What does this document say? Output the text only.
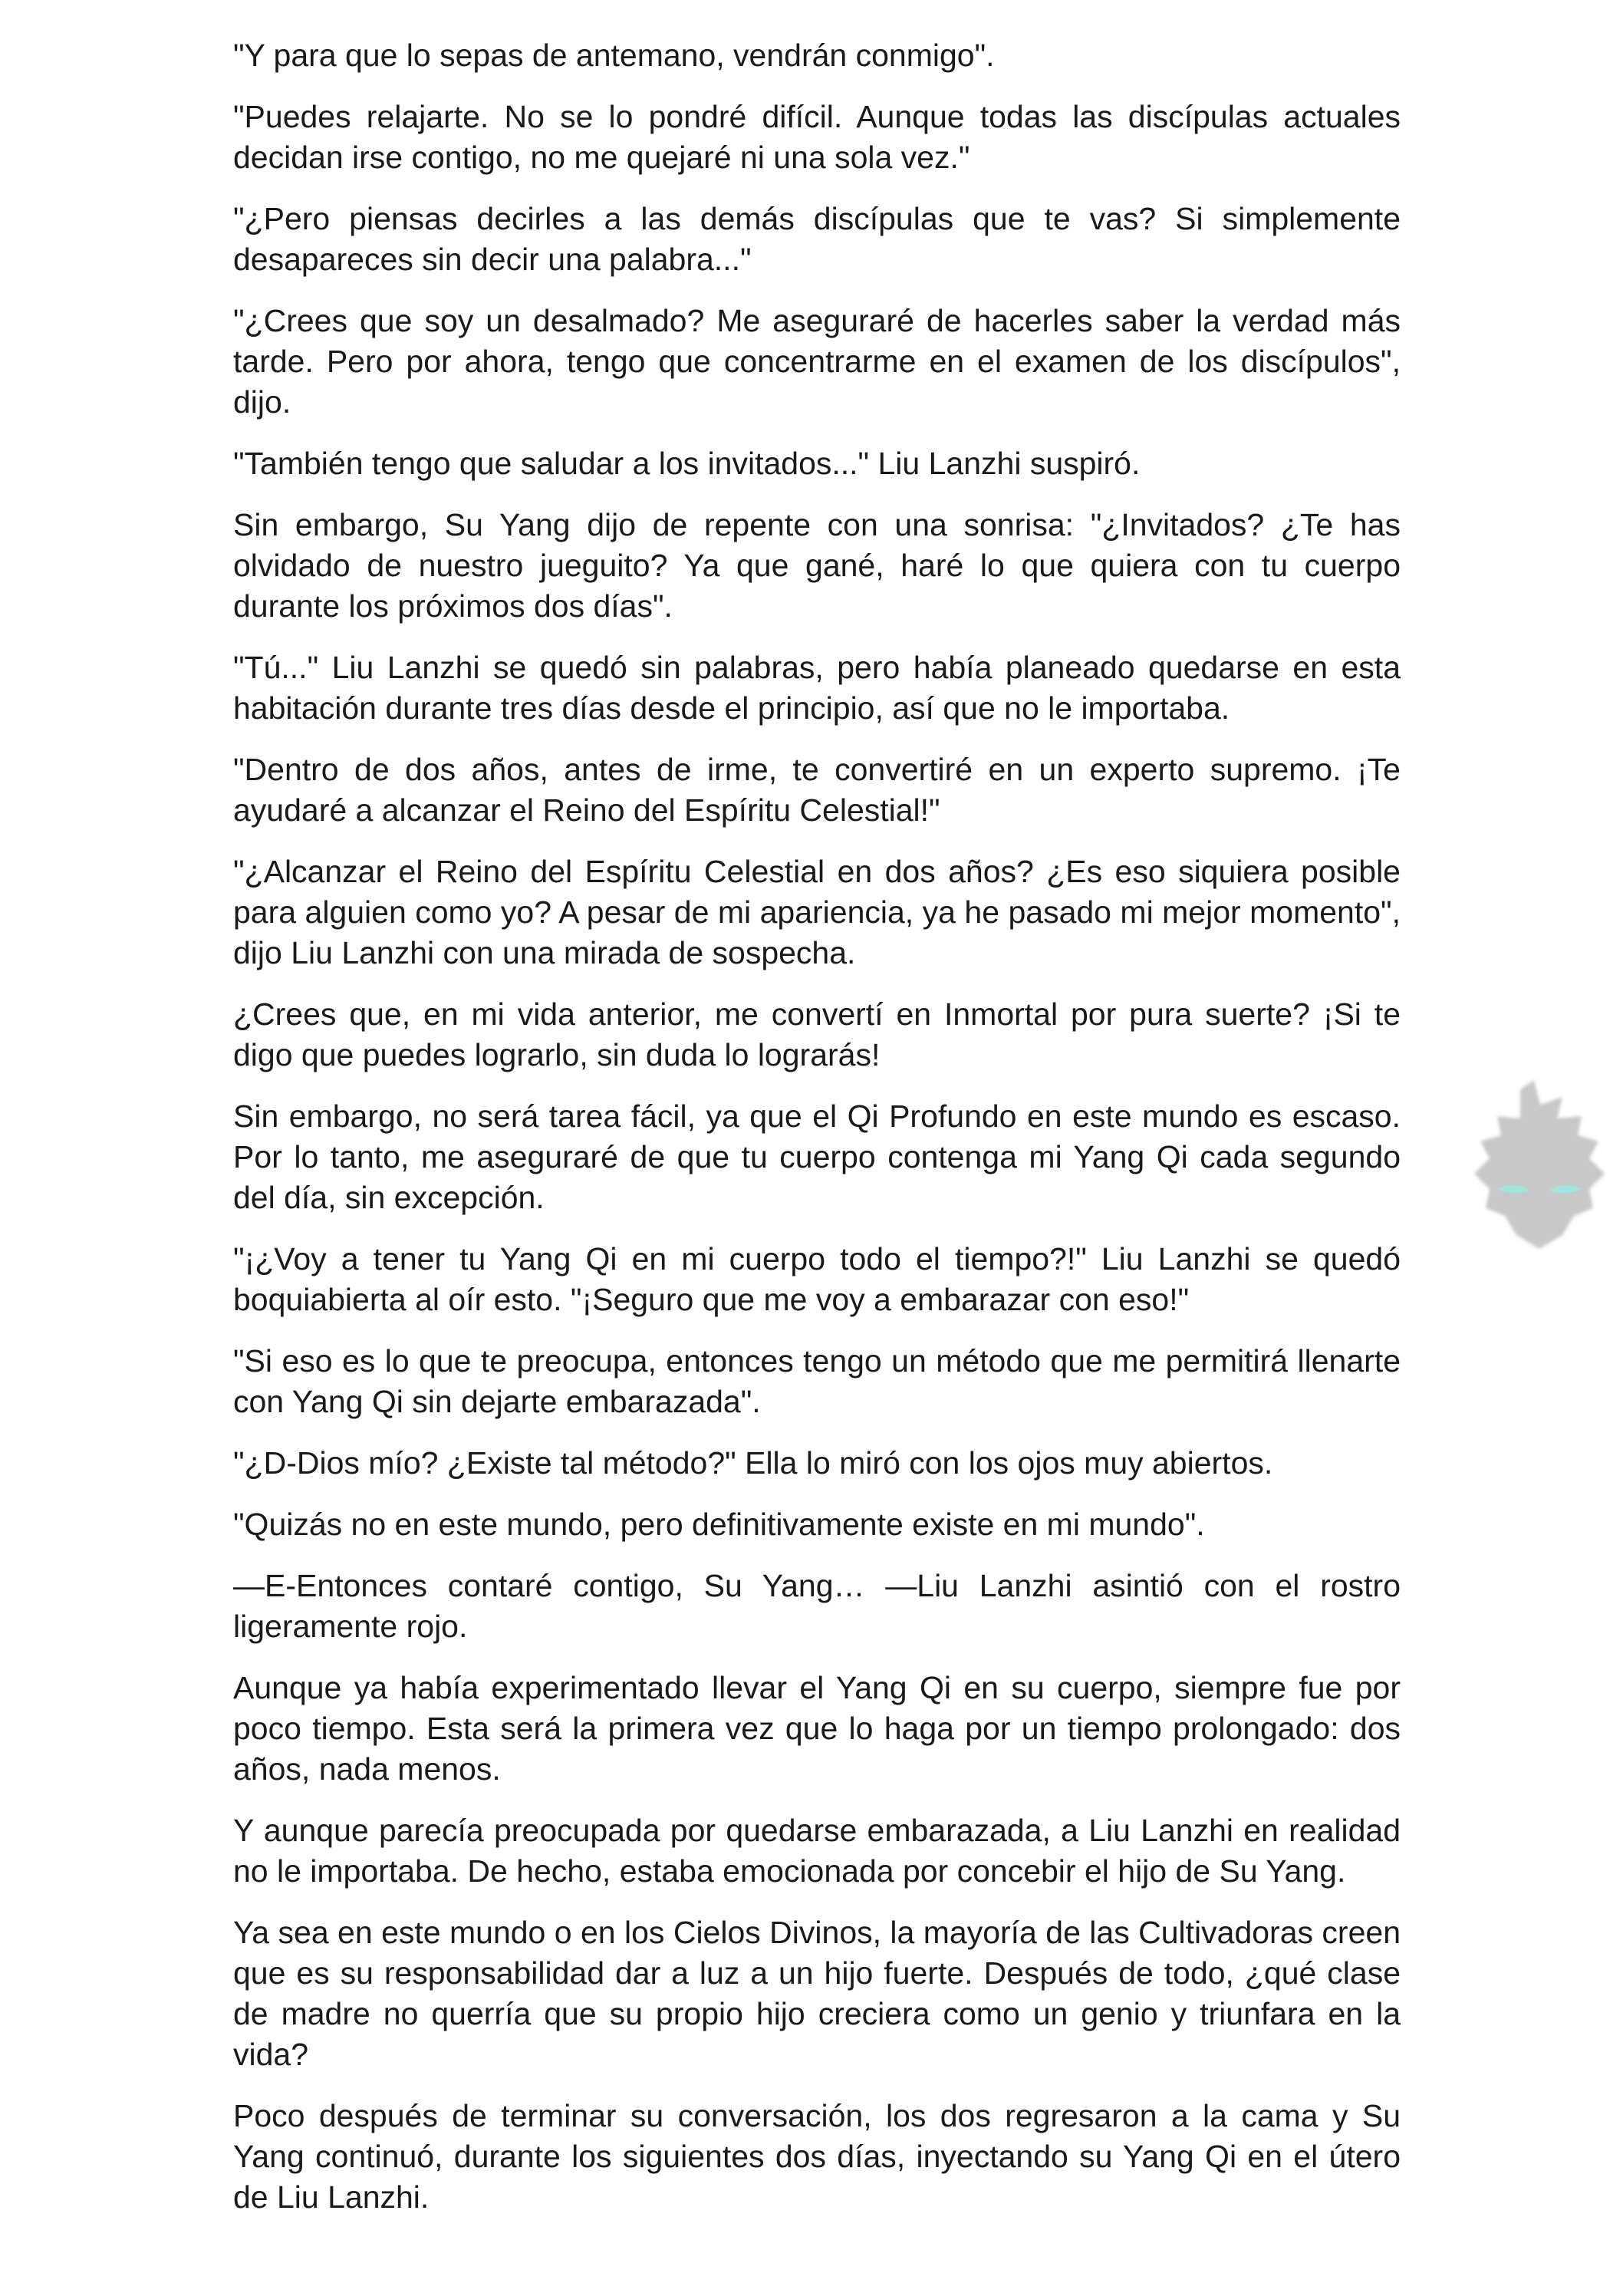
"Y para que lo sepas de antemano, vendrán conmigo".

"Puedes relajarte. No se lo pondré difícil. Aunque todas las discípulas actuales decidan irse contigo, no me quejaré ni una sola vez."

"¿Pero piensas decirles a las demás discípulas que te vas? Si simplemente desapareces sin decir una palabra..."

"¿Crees que soy un desalmado? Me aseguraré de hacerles saber la verdad más tarde. Pero por ahora, tengo que concentrarme en el examen de los discípulos", dijo.

"También tengo que saludar a los invitados..." Liu Lanzhi suspiró.

Sin embargo, Su Yang dijo de repente con una sonrisa: "¿Invitados? ¿Te has olvidado de nuestro jueguito? Ya que gané, haré lo que quiera con tu cuerpo durante los próximos dos días".

"Tú..." Liu Lanzhi se quedó sin palabras, pero había planeado quedarse en esta habitación durante tres días desde el principio, así que no le importaba.

"Dentro de dos años, antes de irme, te convertiré en un experto supremo. ¡Te ayudaré a alcanzar el Reino del Espíritu Celestial!"

"¿Alcanzar el Reino del Espíritu Celestial en dos años? ¿Es eso siquiera posible para alguien como yo? A pesar de mi apariencia, ya he pasado mi mejor momento", dijo Liu Lanzhi con una mirada de sospecha.

¿Crees que, en mi vida anterior, me convertí en Inmortal por pura suerte? ¡Si te digo que puedes lograrlo, sin duda lo lograrás!

Sin embargo, no será tarea fácil, ya que el Qi Profundo en este mundo es escaso. Por lo tanto, me aseguraré de que tu cuerpo contenga mi Yang Qi cada segundo del día, sin excepción.

"¡¿Voy a tener tu Yang Qi en mi cuerpo todo el tiempo?!" Liu Lanzhi se quedó boquiabierta al oír esto. "¡Seguro que me voy a embarazar con eso!"

"Si eso es lo que te preocupa, entonces tengo un método que me permitirá llenarte con Yang Qi sin dejarte embarazada".

"¿D-Dios mío? ¿Existe tal método?" Ella lo miró con los ojos muy abiertos.

"Quizás no en este mundo, pero definitivamente existe en mi mundo".

—E-Entonces contaré contigo, Su Yang… —Liu Lanzhi asintió con el rostro ligeramente rojo.

Aunque ya había experimentado llevar el Yang Qi en su cuerpo, siempre fue por poco tiempo. Esta será la primera vez que lo haga por un tiempo prolongado: dos años, nada menos.

Y aunque parecía preocupada por quedarse embarazada, a Liu Lanzhi en realidad no le importaba. De hecho, estaba emocionada por concebir el hijo de Su Yang.

Ya sea en este mundo o en los Cielos Divinos, la mayoría de las Cultivadoras creen que es su responsabilidad dar a luz a un hijo fuerte. Después de todo, ¿qué clase de madre no querría que su propio hijo creciera como un genio y triunfara en la vida?

Poco después de terminar su conversación, los dos regresaron a la cama y Su Yang continuó, durante los siguientes dos días, inyectando su Yang Qi en el útero de Liu Lanzhi.
